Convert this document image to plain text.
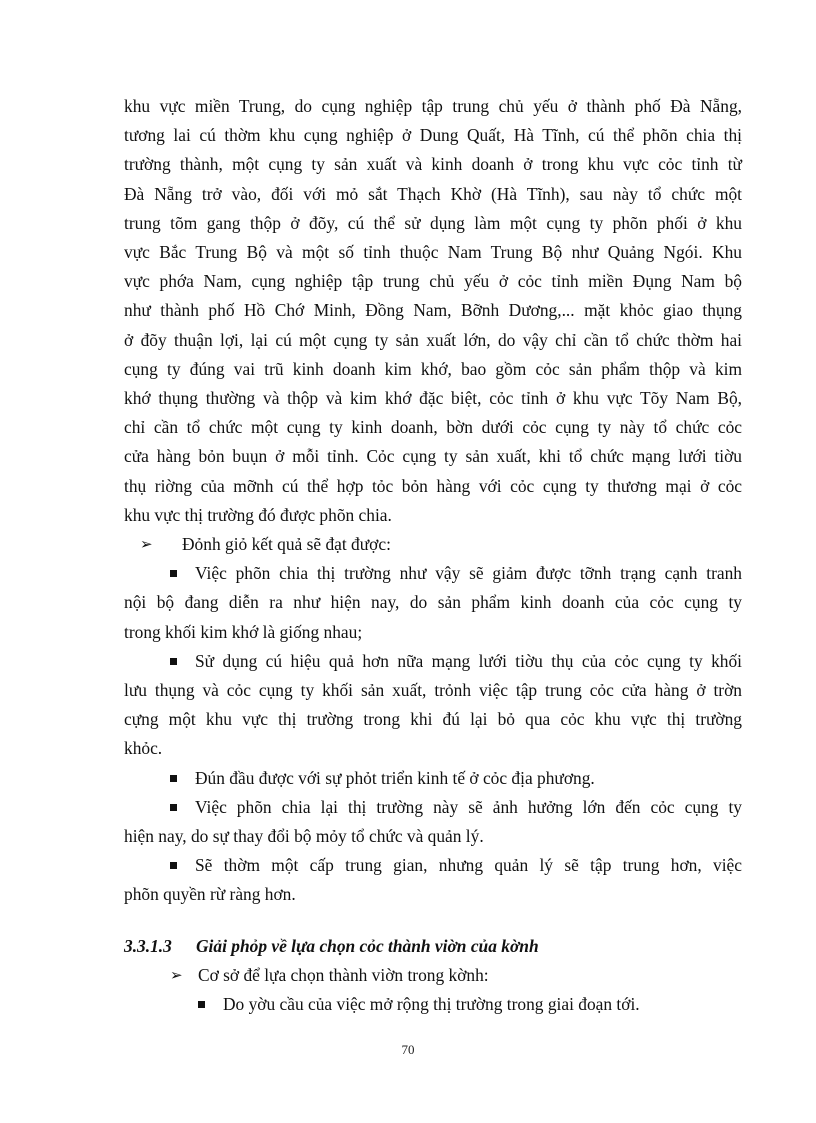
khu vực miền Trung, do cụng nghiệp tập trung chủ yếu ở thành phố Đà Nẵng,
tương lai cú thờm khu cụng nghiệp ở Dung Quất, Hà Tĩnh, cú thể phõn chia thị
trường thành, một cụng ty sản xuất và kinh doanh ở trong khu vực cỏc tỉnh từ
Đà Nẵng trở vào, đối với mỏ sắt Thạch Khờ (Hà Tĩnh), sau này tổ chức một
trung tõm gang thộp ở đõy, cú thể sử dụng làm một cụng ty phõn phối ở khu
vực Bắc Trung Bộ và một số tỉnh thuộc Nam Trung Bộ như Quảng Ngói. Khu
vực phớa Nam, cụng nghiệp tập trung chủ yếu ở cỏc tỉnh miền Đụng Nam bộ
như thành phố Hồ Chớ Minh, Đồng Nam, Bỡnh Dương,... mặt khỏc giao thụng
ở đõy thuận lợi, lại cú một cụng ty sản xuất lớn, do vậy chỉ cần tổ chức thờm hai
cụng ty đúng vai trũ kinh doanh kim khớ, bao gồm cỏc sản phẩm thộp và kim
khớ thụng thường và thộp và kim khớ đặc biệt, cỏc tỉnh ở khu vực Tõy Nam Bộ,
chỉ cần tổ chức một cụng ty kinh doanh, bờn dưới cỏc cụng ty này tổ chức cỏc
cửa hàng bỏn buụn ở mỗi tỉnh. Cỏc cụng ty sản xuất, khi tổ chức mạng lưới tiờu
thụ riờng của mỡnh cú thể hợp tỏc bỏn hàng với cỏc cụng ty thương mại ở cỏc
khu vực thị trường đó được phõn chia.

➢	Đỏnh giỏ kết quả sẽ đạt được:

Việc phõn chia thị trường như vậy sẽ giảm được tỡnh trạng cạnh tranh
nội bộ đang diễn ra như hiện nay, do sản phẩm kinh doanh của cỏc cụng ty
trong khối kim khớ là giống nhau;

Sử dụng cú hiệu quả hơn nữa mạng lưới tiờu thụ của cỏc cụng ty khối
lưu thụng và cỏc cụng ty khối sản xuất, trỏnh việc tập trung cỏc cửa hàng ở trờn
cựng một khu vực thị trường trong khi đú lại bỏ qua cỏc khu vực thị trường
khỏc.

Đún đầu được với sự phỏt triển kinh tế ở cỏc địa phương.

Việc phõn chia lại thị trường này sẽ ảnh hưởng lớn đến cỏc cụng ty
hiện nay, do sự thay đổi bộ mỏy tổ chức và quản lý.

Sẽ thờm một cấp trung gian, nhưng quản lý sẽ tập trung hơn, việc
phõn quyền rừ ràng hơn.

3.3.1.3 Giải phỏp về lựa chọn cỏc thành viờn của kờnh

➢ Cơ sở để lựa chọn thành viờn trong kờnh:

Do yờu cầu của việc mở rộng thị trường trong giai đoạn tới.

70
